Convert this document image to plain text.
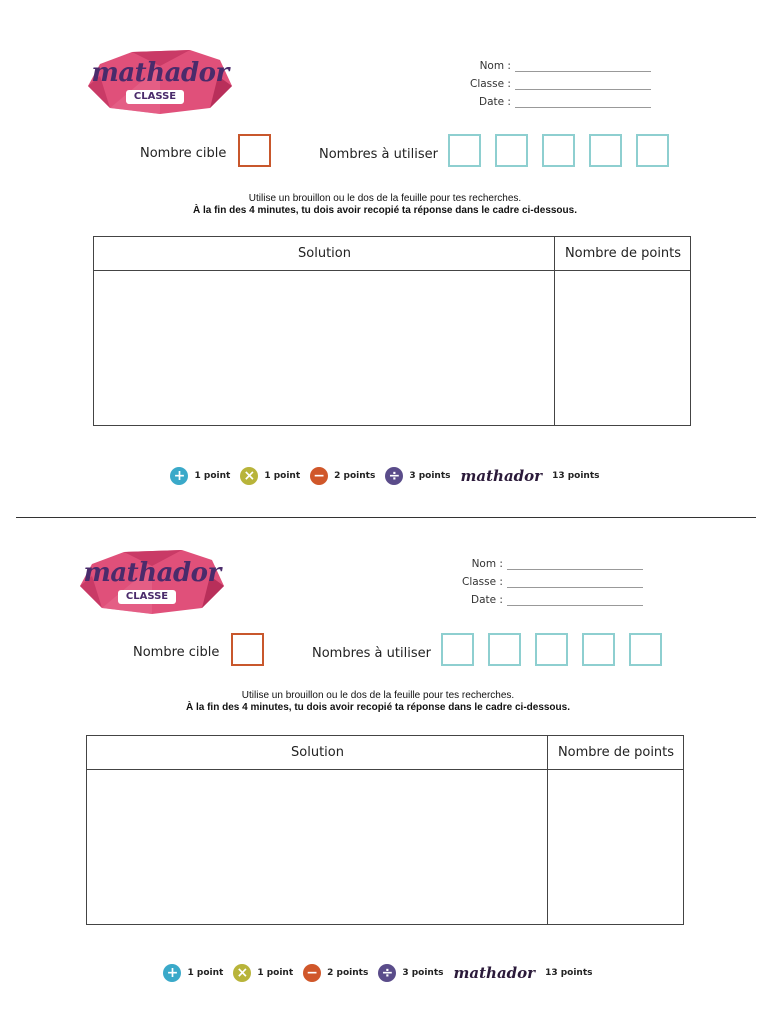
mathador
CLASSE
Nom :
Classe :
Date :
Nombre cible	Nombres à utiliser
Utilise un brouillon ou le dos de la feuille pour tes recherches.
À la fin des 4 minutes, tu dois avoir recopié ta réponse dans le cadre ci-dessous.
Solution	Nombre de points
+	1 point ×	1 point −	2 points ÷	3 points mathador 13 points
mathador
CLASSE
Nom :
Classe :
Date :
Nombre cible	Nombres à utiliser
Utilise un brouillon ou le dos de la feuille pour tes recherches.
À la fin des 4 minutes, tu dois avoir recopié ta réponse dans le cadre ci-dessous.
Solution	Nombre de points
+	1 point ×	1 point −	2 points ÷	3 points mathador 13 points
